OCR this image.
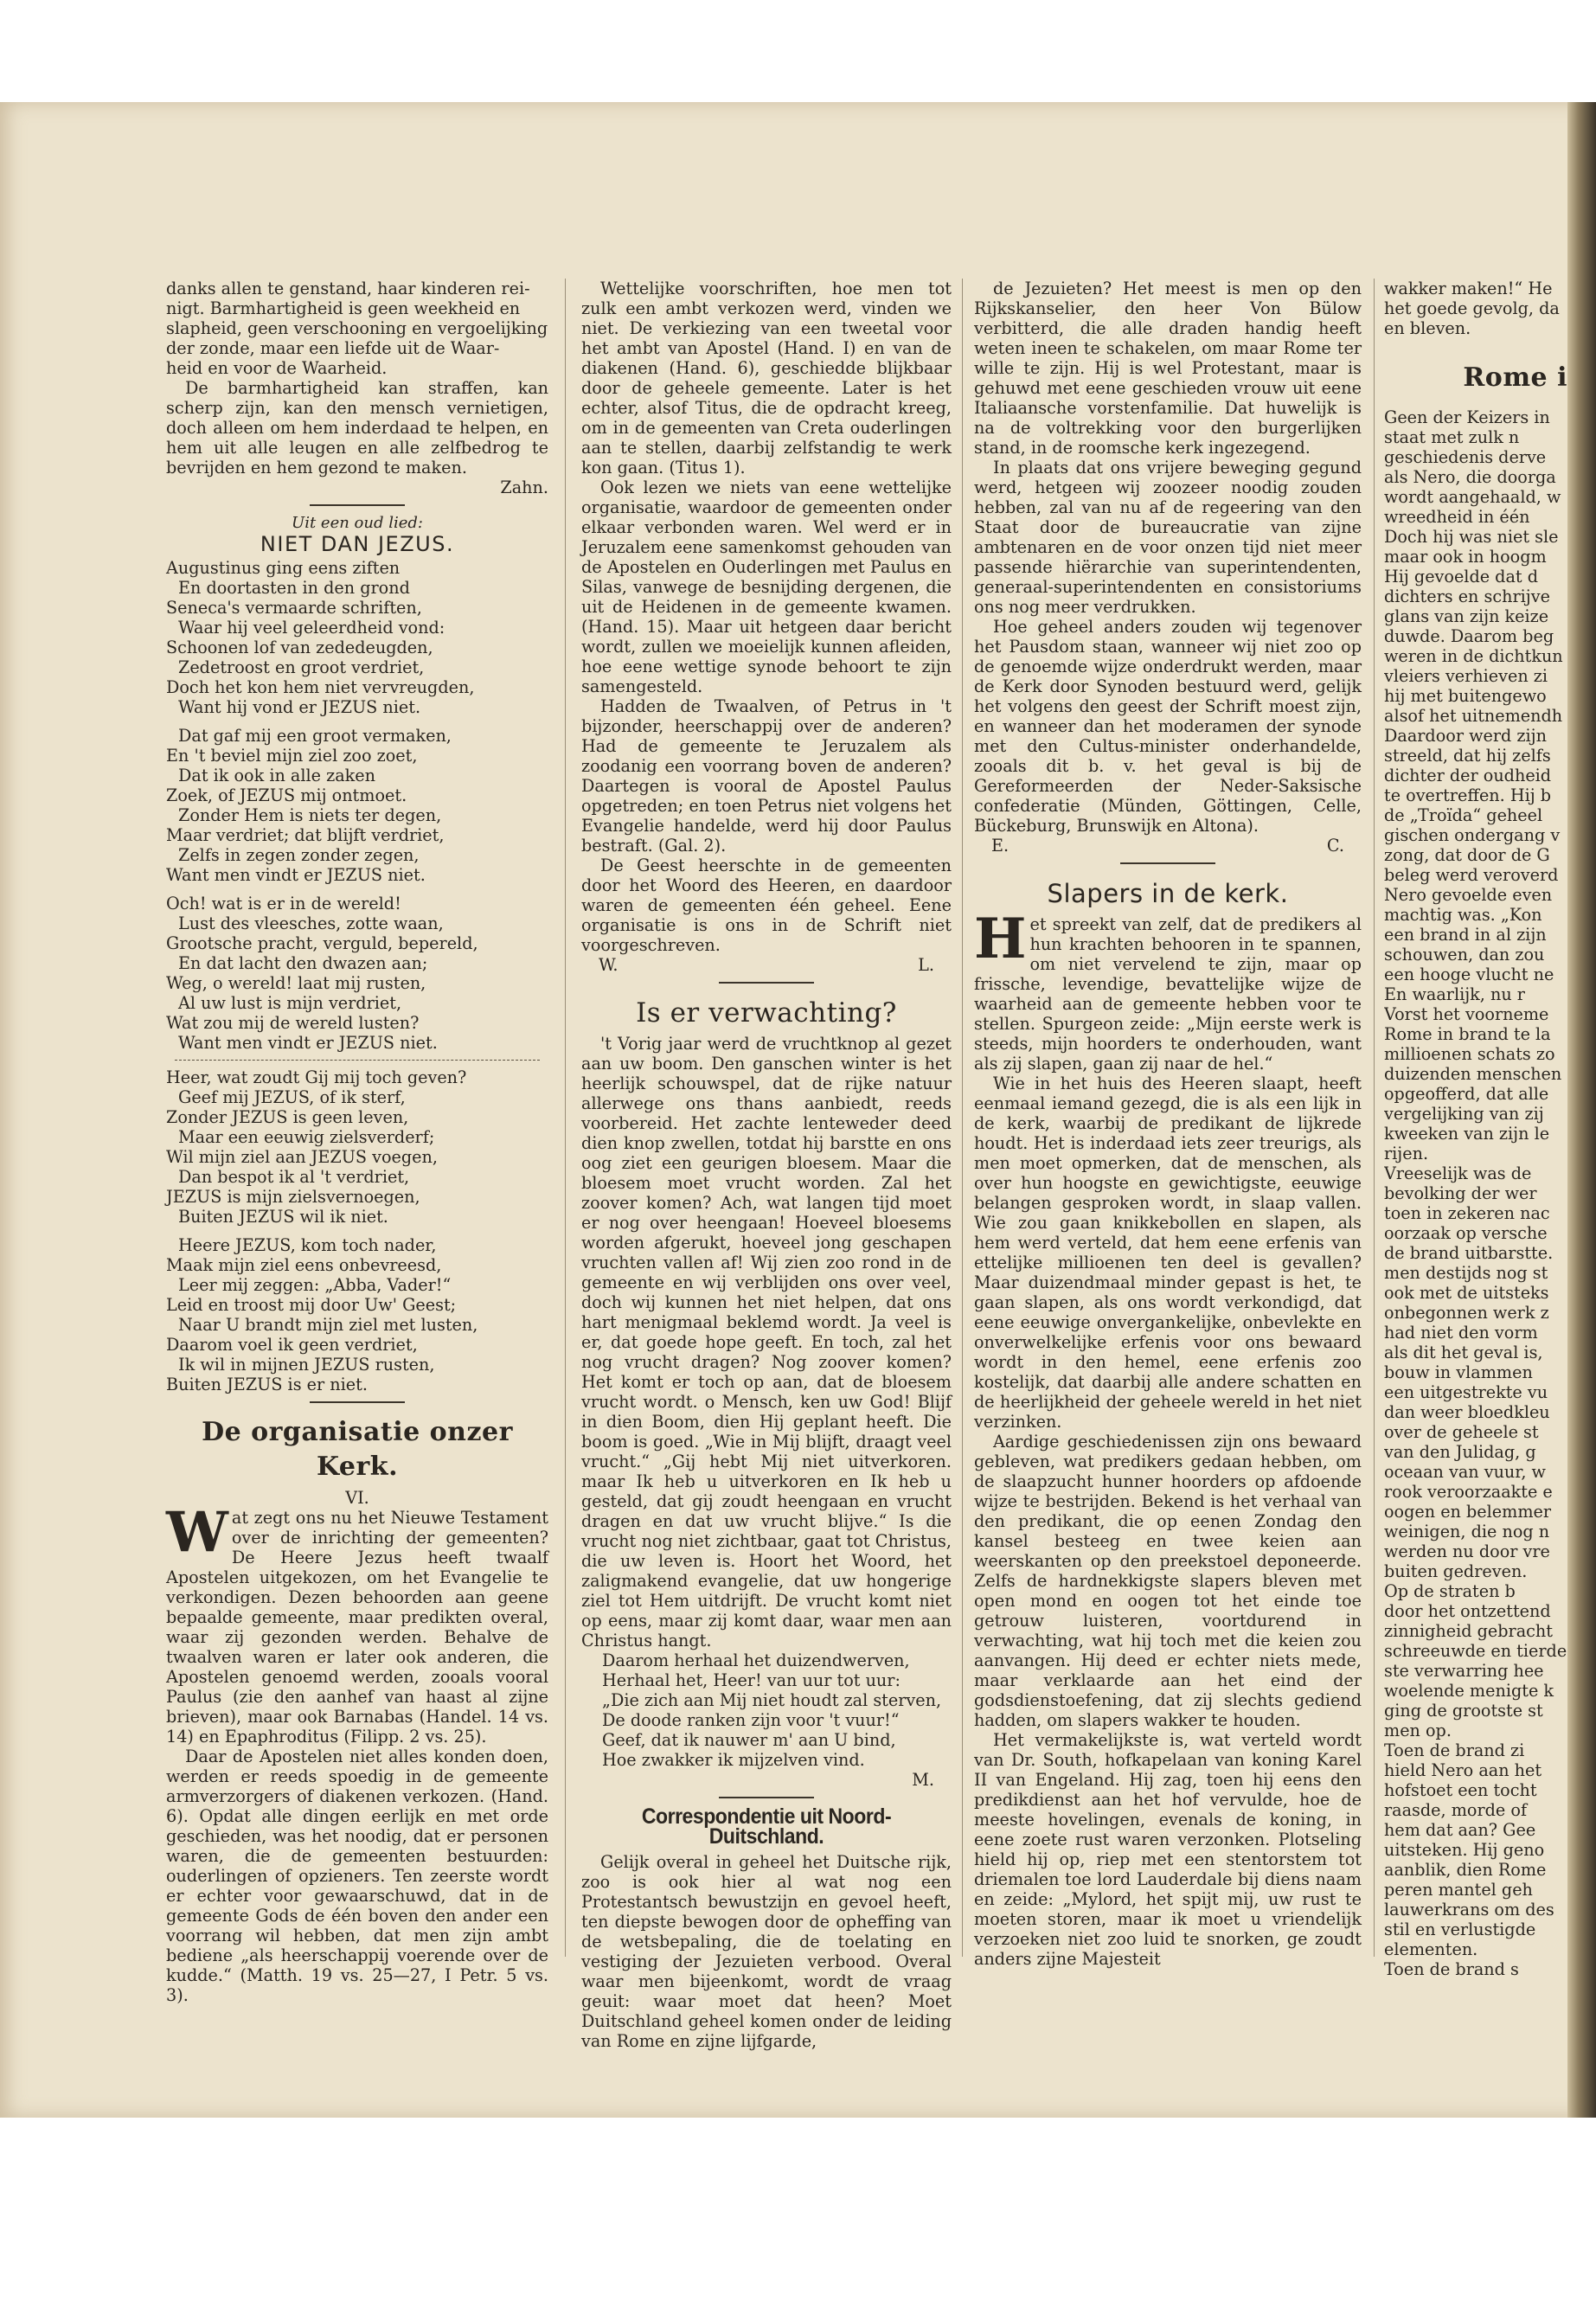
danks allen te genstand, haar kinderen rei-
nigt. Barmhartigheid is geen weekheid en
slapheid, geen verschooning en vergoelijking
der zonde, maar een liefde uit de Waar-
heid en voor de Waarheid.

De barmhartigheid kan straffen, kan scherp zijn, kan den mensch vernietigen, doch alleen om hem inderdaad te helpen, en hem uit alle leugen en alle zelfbedrog te bevrijden en hem gezond te maken.

Zahn.
Uit een oud lied:
NIET DAN JEZUS.
Augustinus ging eens ziften
En doortasten in den grond
Seneca's vermaarde schriften,
Waar hij veel geleerdheid vond:
Schoonen lof van zededeugden,
Zedetroost en groot verdriet,
Doch het kon hem niet vervreugden,
Want hij vond er JEZUS niet.

Dat gaf mij een groot vermaken,
En 't beviel mijn ziel zoo zoet,
Dat ik ook in alle zaken
Zoek, of JEZUS mij ontmoet.
Zonder Hem is niets ter degen,
Maar verdriet; dat blijft verdriet,
Zelfs in zegen zonder zegen,
Want men vindt er JEZUS niet.

Och! wat is er in de wereld!
Lust des vleesches, zotte waan,
Grootsche pracht, verguld, bepereld,
En dat lacht den dwazen aan;
Weg, o wereld! laat mij rusten,
Al uw lust is mijn verdriet,
Wat zou mij de wereld lusten?
Want men vindt er JEZUS niet.
Heer, wat zoudt Gij mij toch geven?
Geef mij JEZUS, of ik sterf,
Zonder JEZUS is geen leven,
Maar een eeuwig zielsverderf;
Wil mijn ziel aan JEZUS voegen,
Dan bespot ik al 't verdriet,
JEZUS is mijn zielsvernoegen,
Buiten JEZUS wil ik niet.

Heere JEZUS, kom toch nader,
Maak mijn ziel eens onbevreesd,
Leer mij zeggen: „Abba, Vader!“
Leid en troost mij door Uw' Geest;
Naar U brandt mijn ziel met lusten,
Daarom voel ik geen verdriet,
Ik wil in mijnen JEZUS rusten,
Buiten JEZUS is er niet.
De organisatie onzer Kerk.
VI.

Wat zegt ons nu het Nieuwe Testament over de inrichting der gemeenten? De Heere Jezus heeft twaalf Apostelen uitgekozen, om het Evangelie te verkondigen. Dezen behoorden aan geene bepaalde gemeente, maar predikten overal, waar zij gezonden werden. Behalve de twaalven waren er later ook anderen, die Apostelen genoemd werden, zooals vooral Paulus (zie den aanhef van haast al zijne brieven), maar ook Barnabas (Handel. 14 vs. 14) en Epaphroditus (Filipp. 2 vs. 25).

Daar de Apostelen niet alles konden doen, werden er reeds spoedig in de gemeente armverzorgers of diakenen verkozen. (Hand. 6). Opdat alle dingen eerlijk en met orde geschieden, was het noodig, dat er personen waren, die de gemeenten bestuurden: ouderlingen of opzieners. Ten zeerste wordt er echter voor gewaarschuwd, dat in de gemeente Gods de één boven den ander een voorrang wil hebben, dat men zijn ambt bediene „als heerschappij voerende over de kudde.“ (Matth. 19 vs. 25—27, I Petr. 5 vs. 3).

Wettelijke voorschriften, hoe men tot zulk een ambt verkozen werd, vinden we niet. De verkiezing van een tweetal voor het ambt van Apostel (Hand. I) en van de diakenen (Hand. 6), geschiedde blijkbaar door de geheele gemeente. Later is het echter, alsof Titus, die de opdracht kreeg, om in de gemeenten van Creta ouderlingen aan te stellen, daarbij zelfstandig te werk kon gaan. (Titus 1).

Ook lezen we niets van eene wettelijke organisatie, waardoor de gemeenten onder elkaar verbonden waren. Wel werd er in Jeruzalem eene samenkomst gehouden van de Apostelen en Ouderlingen met Paulus en Silas, vanwege de besnijding dergenen, die uit de Heidenen in de gemeente kwamen. (Hand. 15). Maar uit hetgeen daar bericht wordt, zullen we moeielijk kunnen afleiden, hoe eene wettige synode behoort te zijn samengesteld.

Hadden de Twaalven, of Petrus in 't bijzonder, heerschappij over de anderen? Had de gemeente te Jeruzalem als zoodanig een voorrang boven de anderen? Daartegen is vooral de Apostel Paulus opgetreden; en toen Petrus niet volgens het Evangelie handelde, werd hij door Paulus bestraft. (Gal. 2).

De Geest heerschte in de gemeenten door het Woord des Heeren, en daardoor waren de gemeenten één geheel. Eene organisatie is ons in de Schrift niet voorgeschreven.

W.	L.
Is er verwachting?

't Vorig jaar werd de vruchtknop al gezet aan uw boom. Den ganschen winter is het heerlijk schouwspel, dat de rijke natuur allerwege ons thans aanbiedt, reeds voorbereid. Het zachte lenteweder deed dien knop zwellen, totdat hij barstte en ons oog ziet een geurigen bloesem. Maar die bloesem moet vrucht worden. Zal het zoover komen? Ach, wat langen tijd moet er nog over heengaan! Hoeveel bloesems worden afgerukt, hoeveel jong geschapen vruchten vallen af! Wij zien zoo rond in de gemeente en wij verblijden ons over veel, doch wij kunnen het niet helpen, dat ons hart menigmaal beklemd wordt. Ja veel is er, dat goede hope geeft. En toch, zal het nog vrucht dragen? Nog zoover komen? Het komt er toch op aan, dat de bloesem vrucht wordt. o Mensch, ken uw God! Blijf in dien Boom, dien Hij geplant heeft. Die boom is goed. „Wie in Mij blijft, draagt veel vrucht.“ „Gij hebt Mij niet uitverkoren. maar Ik heb u uitverkoren en Ik heb u gesteld, dat gij zoudt heengaan en vrucht dragen en dat uw vrucht blijve.“ Is die vrucht nog niet zichtbaar, gaat tot Christus, die uw leven is. Hoort het Woord, het zaligmakend evangelie, dat uw hongerige ziel tot Hem uitdrijft. De vrucht komt niet op eens, maar zij komt daar, waar men aan Christus hangt.

Daarom herhaal het duizendwerven,
Herhaal het, Heer! van uur tot uur:
„Die zich aan Mij niet houdt zal sterven,
De doode ranken zijn voor 't vuur!“
Geef, dat ik nauwer m' aan U bind,
Hoe zwakker ik mijzelven vind.
M.
Correspondentie uit Noord-Duitschland.

Gelijk overal in geheel het Duitsche rijk, zoo is ook hier al wat nog een Protestantsch bewustzijn en gevoel heeft, ten diepste bewogen door de opheffing van de wetsbepaling, die de toelating en vestiging der Jezuieten verbood. Overal waar men bijeenkomt, wordt de vraag geuit: waar moet dat heen? Moet Duitschland geheel komen onder de leiding van Rome en zijne lijfgarde,

de Jezuieten? Het meest is men op den Rijkskanselier, den heer Von Bülow verbitterd, die alle draden handig heeft weten ineen te schakelen, om maar Rome ter wille te zijn. Hij is wel Protestant, maar is gehuwd met eene geschieden vrouw uit eene Italiaansche vorstenfamilie. Dat huwelijk is na de voltrekking voor den burgerlijken stand, in de roomsche kerk ingezegend.

In plaats dat ons vrijere beweging gegund werd, hetgeen wij zoozeer noodig zouden hebben, zal van nu af de regeering van den Staat door de bureaucratie van zijne ambtenaren en de voor onzen tijd niet meer passende hiërarchie van superintendenten, generaal-superintendenten en consistoriums ons nog meer verdrukken.

Hoe geheel anders zouden wij tegenover het Pausdom staan, wanneer wij niet zoo op de genoemde wijze onderdrukt werden, maar de Kerk door Synoden bestuurd werd, gelijk het volgens den geest der Schrift moest zijn, en wanneer dan het moderamen der synode met den Cultus-minister onderhandelde, zooals dit b. v. het geval is bij de Gereformeerden der Neder-Saksische confederatie (Münden, Göttingen, Celle, Bückeburg, Brunswijk en Altona).

E.	C.
Slapers in de kerk.

Het spreekt van zelf, dat de predikers al hun krachten behooren in te spannen, om niet vervelend te zijn, maar op frissche, levendige, bevattelijke wijze de waarheid aan de gemeente hebben voor te stellen. Spurgeon zeide: „Mijn eerste werk is steeds, mijn hoorders te onderhouden, want als zij slapen, gaan zij naar de hel.“

Wie in het huis des Heeren slaapt, heeft eenmaal iemand gezegd, die is als een lijk in de kerk, waarbij de predikant de lijkrede houdt. Het is inderdaad iets zeer treurigs, als men moet opmerken, dat de menschen, als over hun hoogste en gewichtigste, eeuwige belangen gesproken wordt, in slaap vallen. Wie zou gaan knikkebollen en slapen, als hem werd verteld, dat hem eene erfenis van ettelijke millioenen ten deel is gevallen? Maar duizendmaal minder gepast is het, te gaan slapen, als ons wordt verkondigd, dat eene eeuwige onvergankelijke, onbevlekte en onverwelkelijke erfenis voor ons bewaard wordt in den hemel, eene erfenis zoo kostelijk, dat daarbij alle andere schatten en de heerlijkheid der geheele wereld in het niet verzinken.

Aardige geschiedenissen zijn ons bewaard gebleven, wat predikers gedaan hebben, om de slaapzucht hunner hoorders op afdoende wijze te bestrijden. Bekend is het verhaal van den predikant, die op eenen Zondag den kansel besteeg en twee keien aan weerskanten op den preekstoel deponeerde. Zelfs de hardnekkigste slapers bleven met open mond en oogen tot het einde toe getrouw luisteren, voortdurend in verwachting, wat hij toch met die keien zou aanvangen. Hij deed er echter niets mede, maar verklaarde aan het eind der godsdienstoefening, dat zij slechts gediend hadden, om slapers wakker te houden.

Het vermakelijkste is, wat verteld wordt van Dr. South, hofkapelaan van koning Karel II van Engeland. Hij zag, toen hij eens den predikdienst aan het hof vervulde, hoe de meeste hovelingen, evenals de koning, in eene zoete rust waren verzonken. Plotseling hield hij op, riep met een stentorstem tot driemalen toe lord Lauderdale bij diens naam en zeide: „Mylord, het spijt mij, uw rust te moeten storen, maar ik moet u vriendelijk verzoeken niet zoo luid te snorken, ge zoudt anders zijne Majesteit

wakker maken!“ He
het goede gevolg, da
en bleven.
Rome i
Geen der Keizers in
staat met zulk n
geschiedenis derve
als Nero, die doorga
wordt aangehaald, w
wreedheid in één
Doch hij was niet sle
maar ook in hoogm
Hij gevoelde dat d
dichters en schrijve
glans van zijn keize
duwde. Daarom beg
weren in de dichtkun
vleiers verhieven zi
hij met buitengewo
alsof het uitnemendh
Daardoor werd zijn
streeld, dat hij zelfs
dichter der oudheid
te overtreffen. Hij b
de „Troïda“ geheel
gischen ondergang v
zong, dat door de G
beleg werd veroverd
Nero gevoelde even
machtig was. „Kon
een brand in al zijn
schouwen, dan zou
een hooge vlucht ne
En waarlijk, nu r
Vorst het voorneme
Rome in brand te la
millioenen schats zo
duizenden menschen
opgeofferd, dat alle
vergelijking van zij
kweeken van zijn le
rijen.
Vreeselijk was de
bevolking der wer
toen in zekeren nac
oorzaak op versche
de brand uitbarstte.
men destijds nog st
ook met de uitsteks
onbegonnen werk z
had niet den vorm
als dit het geval is,
bouw in vlammen
een uitgestrekte vu
dan weer bloedkleu
over de geheele st
van den Julidag, g
oceaan van vuur, w
rook veroorzaakte e
oogen en belemmer
weinigen, die nog n
werden nu door vre
buiten gedreven.
Op de straten b
door het ontzettend
zinnigheid gebracht
schreeuwde en tierde
ste verwarring hee
woelende menigte k
ging de grootste st
men op.
Toen de brand zi
hield Nero aan het
hofstoet een tocht
raasde, morde of
hem dat aan? Gee
uitsteken. Hij geno
aanblik, dien Rome
peren mantel geh
lauwerkrans om des
stil en verlustigde
elementen.
Toen de brand s
